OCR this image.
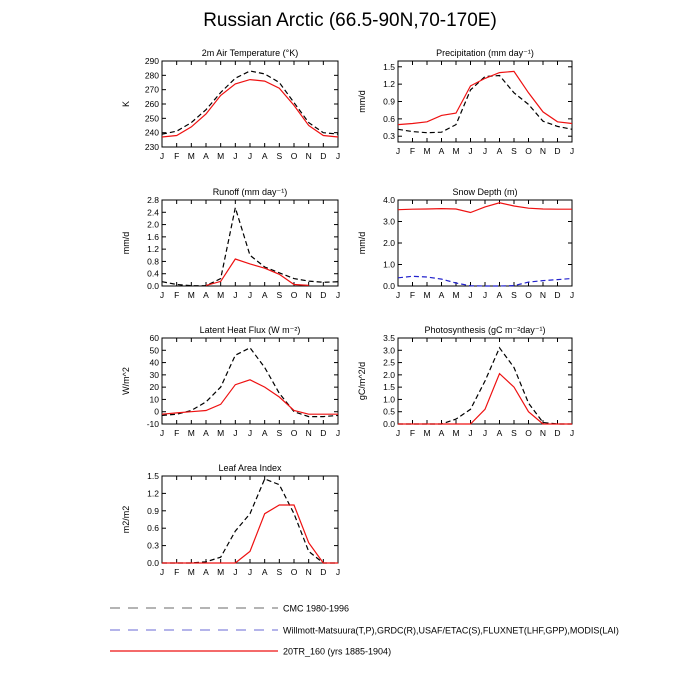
Russian Arctic (66.5-90N,70-170E)
2m Air Temperature (°K)
K
230
240
250
260
270
280
290
J F M A M J J A S O N D J
Precipitation (mm day⁻¹)
mm/d
0.3
0.6
0.9
1.2
1.5
J F M A M J J A S O N D J
Runoff (mm day⁻¹)
mm/d
0.0
0.4
0.8
1.2
1.6
2.0
2.4
2.8
J F M A M J J A S O N D J
Snow Depth (m)
mm/d
0.0
1.0
2.0
3.0
4.0
J F M A M J J A S O N D J
Latent Heat Flux (W m⁻²)
W/m^2
-10
0
10
20
30
40
50
60
J F M A M J J A S O N D J
Photosynthesis (gC m⁻²day⁻¹)
gC/m^2/d
0.0
0.5
1.0
1.5
2.0
2.5
3.0
3.5
J F M A M J J A S O N D J
Leaf Area Index
m2/m2
0.0
0.3
0.6
0.9
1.2
1.5
J F M A M J J A S O N D J
CMC 1980-1996
Willmott-Matsuura(T,P),GRDC(R),USAF/ETAC(S),FLUXNET(LHF,GPP),MODIS(LAI)
20TR_160 (yrs 1885-1904)
